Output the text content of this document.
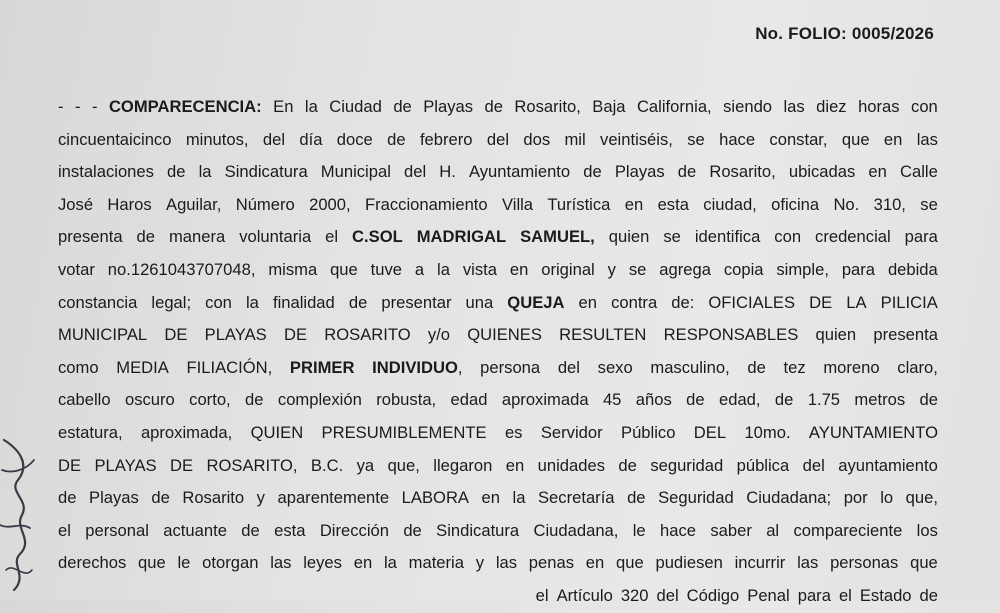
No. FOLIO: 0005/2026
- - - COMPARECENCIA: En la Ciudad de Playas de Rosarito, Baja California, siendo las diez horas con
cincuentaicinco minutos, del día doce de febrero del dos mil veintiséis, se hace constar, que en las
instalaciones de la Sindicatura Municipal del H. Ayuntamiento de Playas de Rosarito, ubicadas en Calle
José Haros Aguilar, Número 2000, Fraccionamiento Villa Turística en esta ciudad, oficina No. 310, se
presenta de manera voluntaria el C.SOL MADRIGAL SAMUEL, quien se identifica con credencial para
votar no.1261043707048, misma que tuve a la vista en original y se agrega copia simple, para debida
constancia legal; con la finalidad de presentar una QUEJA en contra de: OFICIALES DE LA PILICIA
MUNICIPAL DE PLAYAS DE ROSARITO y/o QUIENES RESULTEN RESPONSABLES quien presenta
como MEDIA FILIACIÓN, PRIMER INDIVIDUO, persona del sexo masculino, de tez moreno claro,
cabello oscuro corto, de complexión robusta, edad aproximada 45 años de edad, de 1.75 metros de
estatura, aproximada, QUIEN PRESUMIBLEMENTE es Servidor Público DEL 10mo. AYUNTAMIENTO
DE PLAYAS DE ROSARITO, B.C. ya que, llegaron en unidades de seguridad pública del ayuntamiento
de Playas de Rosarito y aparentemente LABORA en la Secretaría de Seguridad Ciudadana; por lo que,
el personal actuante de esta Dirección de Sindicatura Ciudadana, le hace saber al compareciente los
derechos que le otorgan las leyes en la materia y las penas en que pudiesen incurrir las personas que
el Artículo 320 del Código Penal para el Estado de
